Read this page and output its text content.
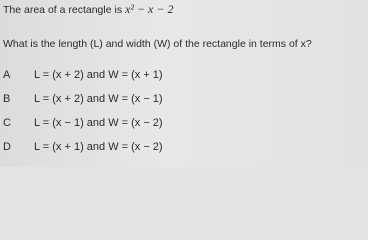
The area of a rectangle is x² − x − 2
What is the length (L) and width (W) of the rectangle in terms of x?
A L = (x + 2) and W = (x + 1)
B L = (x + 2) and W = (x − 1)
C L = (x − 1) and W = (x − 2)
D L = (x + 1) and W = (x − 2)
